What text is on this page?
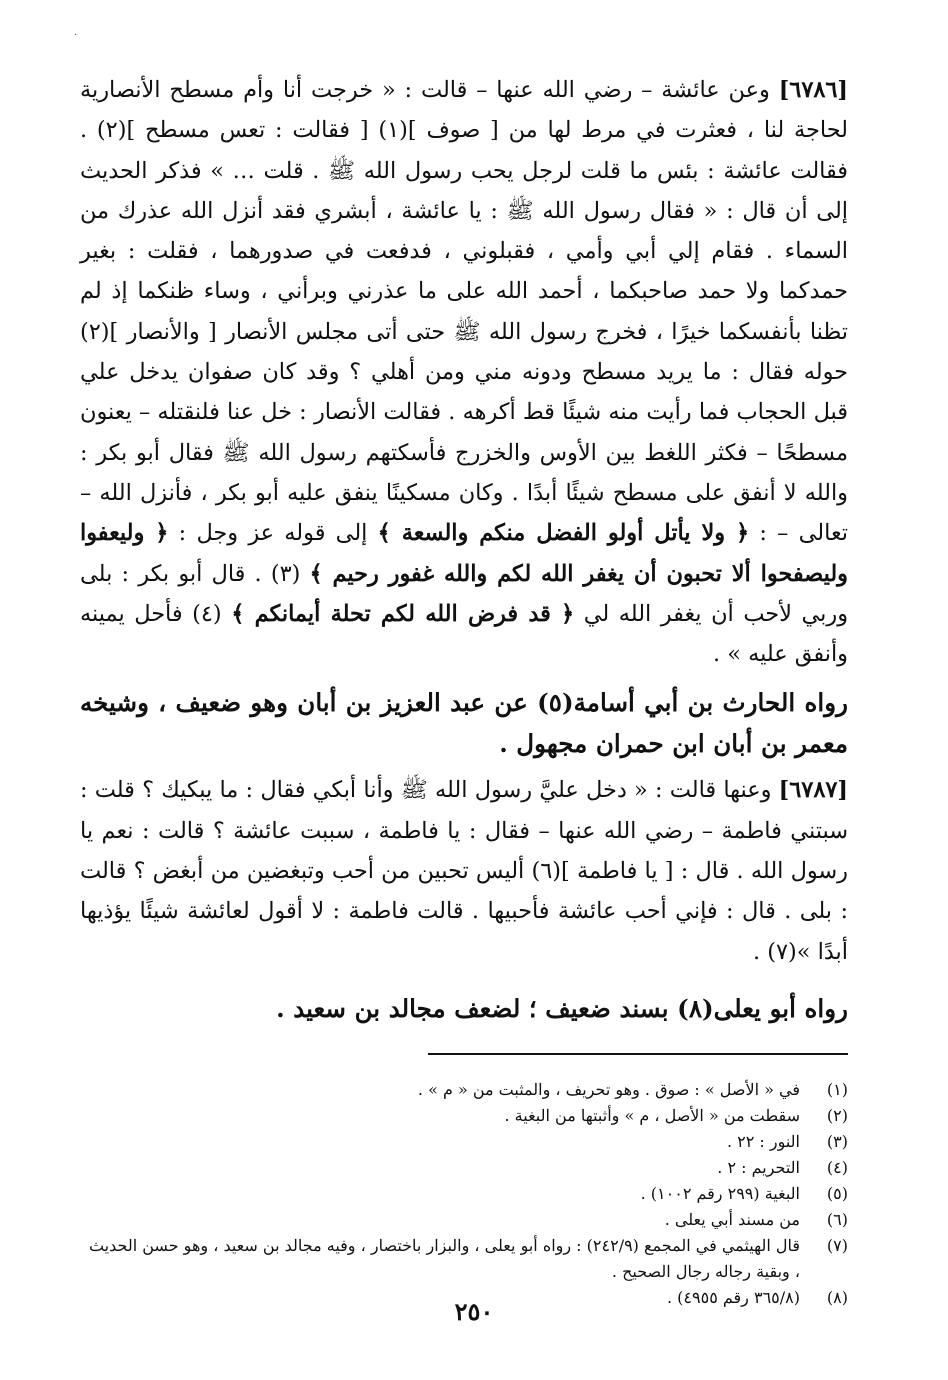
·

[٦٧٨٦] وعن عائشة – رضي الله عنها – قالت : « خرجت أنا وأم مسطح الأنصارية لحاجة لنا ، فعثرت في مرط لها من [ صوف ](١) [ فقالت : تعس مسطح ](٢) . فقالت عائشة : بئس ما قلت لرجل يحب رسول الله ﷺ . قلت … » فذكر الحديث إلى أن قال : « فقال رسول الله ﷺ : يا عائشة ، أبشري فقد أنزل الله عذرك من السماء . فقام إلي أبي وأمي ، فقبلوني ، فدفعت في صدورهما ، فقلت : بغير حمدكما ولا حمد صاحبكما ، أحمد الله على ما عذرني وبرأني ، وساء ظنكما إذ لم تظنا بأنفسكما خيرًا ، فخرج رسول الله ﷺ حتى أتى مجلس الأنصار [ والأنصار ](٢) حوله فقال : ما يريد مسطح ودونه مني ومن أهلي ؟ وقد كان صفوان يدخل علي قبل الحجاب فما رأيت منه شيئًا قط أكرهه . فقالت الأنصار : خل عنا فلنقتله – يعنون مسطحًا – فكثر اللغط بين الأوس والخزرج فأسكتهم رسول الله ﷺ فقال أبو بكر : والله لا أنفق على مسطح شيئًا أبدًا . وكان مسكينًا ينفق عليه أبو بكر ، فأنزل الله – تعالى – : ﴿ ولا يأتل أولو الفضل منكم والسعة ﴾ إلى قوله عز وجل : ﴿ وليعفوا وليصفحوا ألا تحبون أن يغفر الله لكم والله غفور رحيم ﴾ (٣) . قال أبو بكر : بلى وربي لأحب أن يغفر الله لي ﴿ قد فرض الله لكم تحلة أيمانكم ﴾ (٤) فأحل يمينه وأنفق عليه » .

رواه الحارث بن أبي أسامة(٥) عن عبد العزيز بن أبان وهو ضعيف ، وشيخه معمر بن أبان ابن حمران مجهول .

[٦٧٨٧] وعنها قالت : « دخل عليَّ رسول الله ﷺ وأنا أبكي فقال : ما يبكيك ؟ قلت : سبتني فاطمة – رضي الله عنها – فقال : يا فاطمة ، سببت عائشة ؟ قالت : نعم يا رسول الله . قال : [ يا فاطمة ](٦) أليس تحبين من أحب وتبغضين من أبغض ؟ قالت : بلى . قال : فإني أحب عائشة فأحبيها . قالت فاطمة : لا أقول لعائشة شيئًا يؤذيها أبدًا »(٧) .

رواه أبو يعلى(٨) بسند ضعيف ؛ لضعف مجالد بن سعيد .

(١)
في « الأصل » : صوق . وهو تحريف ، والمثبت من « م » .
(٢)
سقطت من « الأصل ، م » وأثبتها من البغية .
(٣)
النور : ٢٢ .
(٤)
التحريم : ٢ .
(٥)
البغية (٢٩٩ رقم ١٠٠٢) .
(٦)
من مسند أبي يعلى .
(٧)
قال الهيثمي في المجمع (٢٤٢/٩) : رواه أبو يعلى ، والبزار باختصار ، وفيه مجالد بن سعيد ، وهو حسن الحديث ، وبقية رجاله رجال الصحيح .
(٨)
(٣٦٥/٨ رقم ٤٩٥٥) .
٢٥٠
